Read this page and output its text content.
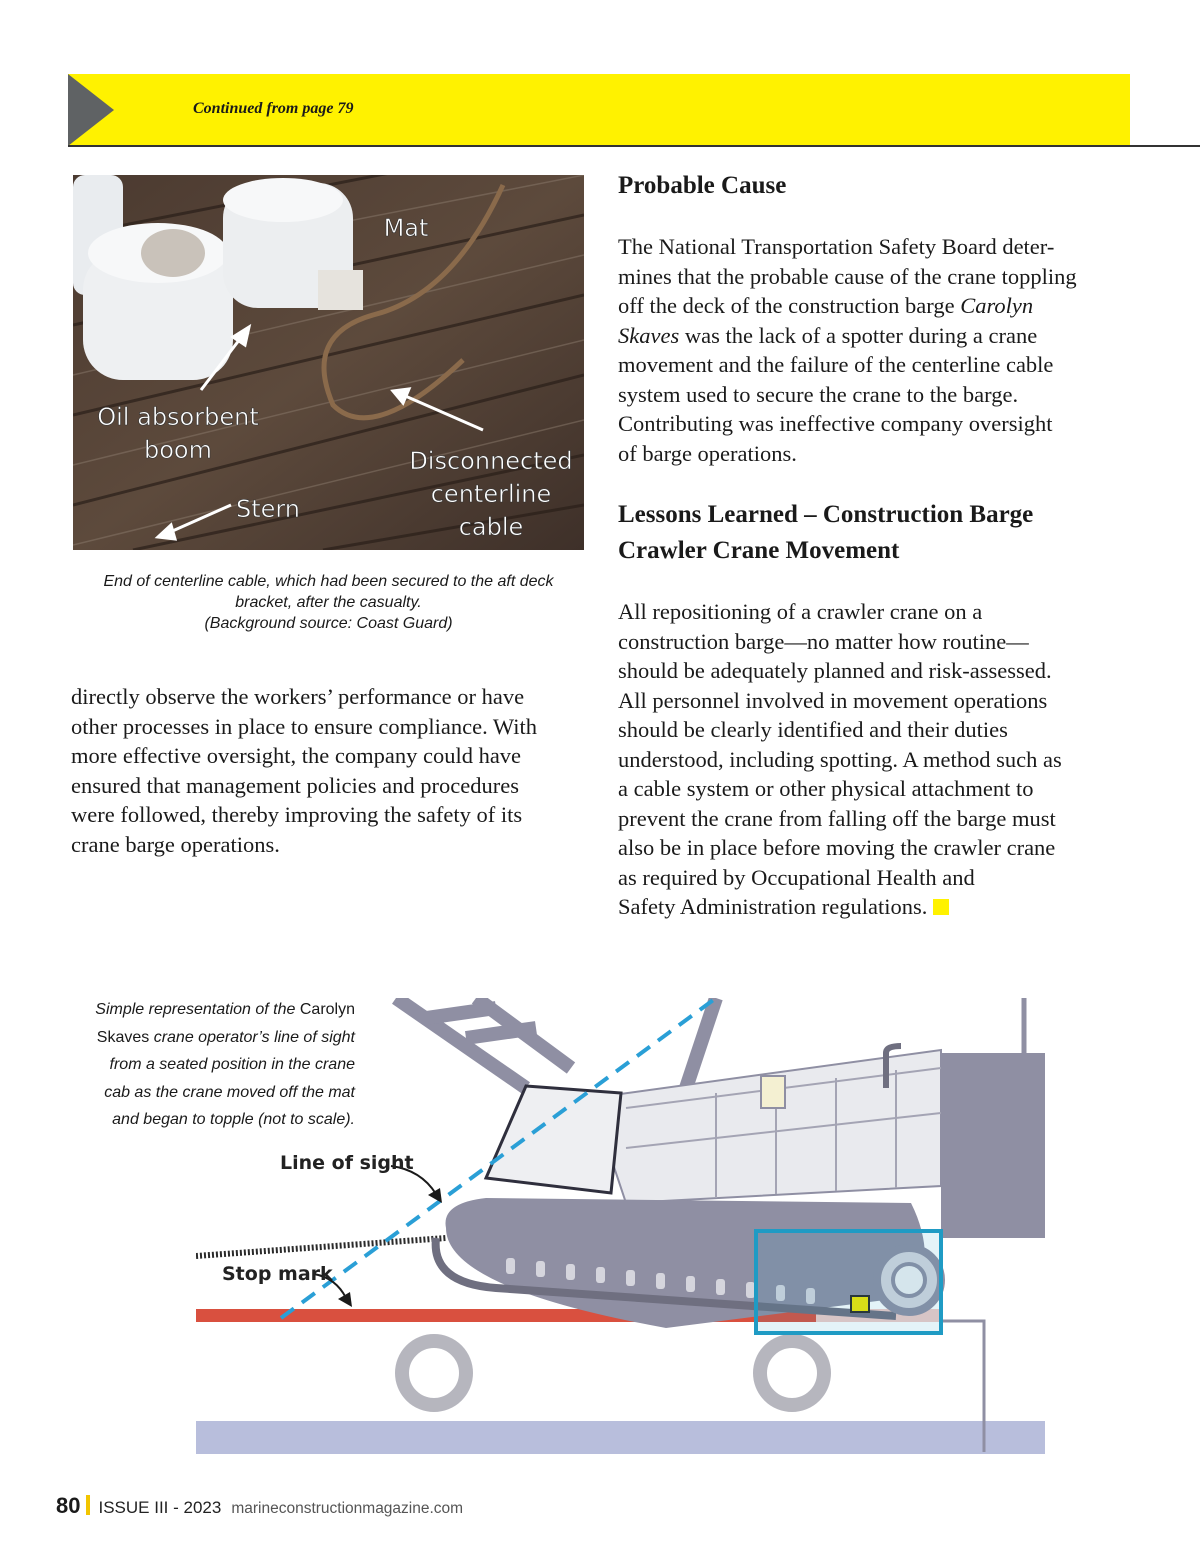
Continued from page 79
Mat
Oil absorbent
boom
Stern
Disconnected
centerline
cable
End of centerline cable, which had been secured to the aft deck
bracket, after the casualty.
(Background source: Coast Guard)
directly observe the workers’ performance or have
other processes in place to ensure compliance. With
more effective oversight, the company could have
ensured that management policies and procedures
were followed, thereby improving the safety of its
crane barge operations.
Probable Cause
The National Transportation Safety Board deter-
mines that the probable cause of the crane toppling
off the deck of the construction barge Carolyn
Skaves was the lack of a spotter during a crane
movement and the failure of the centerline cable
system used to secure the crane to the barge.
Contributing was ineffective company oversight
of barge operations.
Lessons Learned – Construction Barge
Crawler Crane Movement
All repositioning of a crawler crane on a
construction barge—no matter how routine—
should be adequately planned and risk-assessed.
All personnel involved in movement operations
should be clearly identified and their duties
understood, including spotting. A method such as
a cable system or other physical attachment to
prevent the crane from falling off the barge must
also be in place before moving the crawler crane
as required by Occupational Health and
Safety Administration regulations.
Simple representation of the Carolyn
Skaves crane operator’s line of sight
from a seated position in the crane
cab as the crane moved off the mat
and began to topple (not to scale).
Line of sight
Stop mark
80 ISSUE III - 2023 marineconstructionmagazine.com
